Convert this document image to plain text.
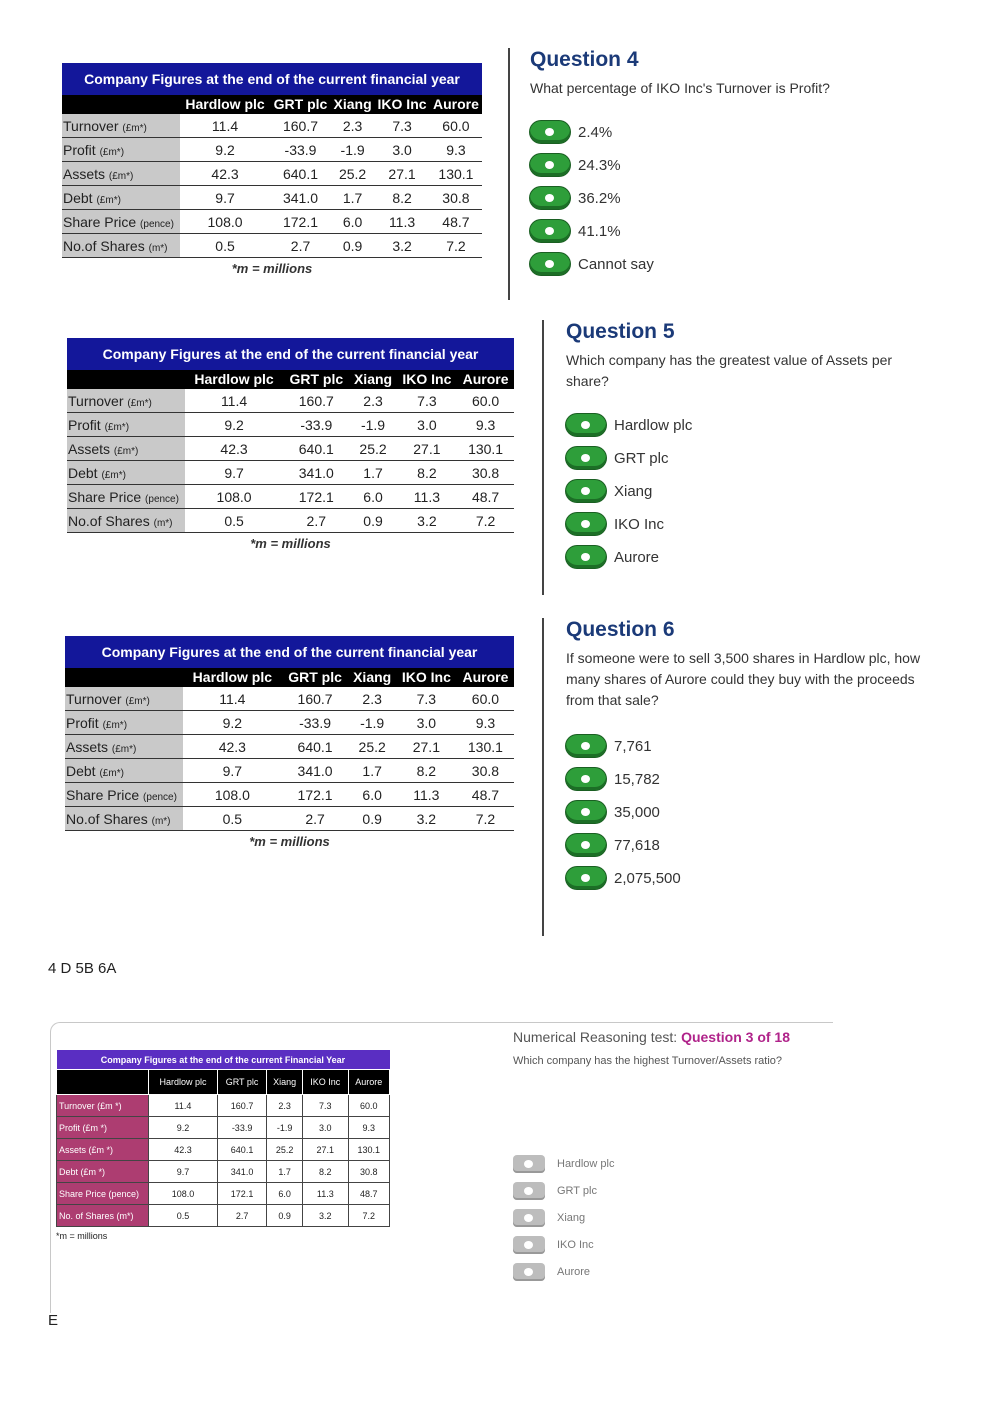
Company Figures at the end of the current financial year					
	Hardlow plc	GRT plc	Xiang	IKO Inc	Aurore
Turnover (£m*)	11.4	160.7	2.3	7.3	60.0
Profit (£m*)	9.2	-33.9	-1.9	3.0	9.3
Assets (£m*)	42.3	640.1	25.2	27.1	130.1
Debt (£m*)	9.7	341.0	1.7	8.2	30.8
Share Price (pence)	108.0	172.1	6.0	11.3	48.7
No.of Shares (m*)	0.5	2.7	0.9	3.2	7.2
*m = millions
Question 4

What percentage of IKO Inc's Turnover is Profit?

2.4%
24.3%
36.2%
41.1%
Cannot say
Company Figures at the end of the current financial year					
	Hardlow plc	GRT plc	Xiang	IKO Inc	Aurore
Turnover (£m*)	11.4	160.7	2.3	7.3	60.0
Profit (£m*)	9.2	-33.9	-1.9	3.0	9.3
Assets (£m*)	42.3	640.1	25.2	27.1	130.1
Debt (£m*)	9.7	341.0	1.7	8.2	30.8
Share Price (pence)	108.0	172.1	6.0	11.3	48.7
No.of Shares (m*)	0.5	2.7	0.9	3.2	7.2
*m = millions
Question 5

Which company has the greatest value of Assets per share?

Hardlow plc
GRT plc
Xiang
IKO Inc
Aurore
Company Figures at the end of the current financial year					
	Hardlow plc	GRT plc	Xiang	IKO Inc	Aurore
Turnover (£m*)	11.4	160.7	2.3	7.3	60.0
Profit (£m*)	9.2	-33.9	-1.9	3.0	9.3
Assets (£m*)	42.3	640.1	25.2	27.1	130.1
Debt (£m*)	9.7	341.0	1.7	8.2	30.8
Share Price (pence)	108.0	172.1	6.0	11.3	48.7
No.of Shares (m*)	0.5	2.7	0.9	3.2	7.2
*m = millions
Question 6

If someone were to sell 3,500 shares in Hardlow plc, how many shares of Aurore could they buy with the proceeds from that sale?

7,761
15,782
35,000
77,618
2,075,500
4 D 5B 6A
Company Figures at the end of the current Financial Year					
	Hardlow plc	GRT plc	Xiang	IKO Inc	Aurore
Turnover (£m *)	11.4	160.7	2.3	7.3	60.0
Profit (£m *)	9.2	-33.9	-1.9	3.0	9.3
Assets (£m *)	42.3	640.1	25.2	27.1	130.1
Debt (£m *)	9.7	341.0	1.7	8.2	30.8
Share Price (pence)	108.0	172.1	6.0	11.3	48.7
No. of Shares (m*)	0.5	2.7	0.9	3.2	7.2
*m = millions
Numerical Reasoning test: Question 3 of 18
Which company has the highest Turnover/Assets ratio?
Hardlow plc
GRT plc
Xiang
IKO Inc
Aurore
E
